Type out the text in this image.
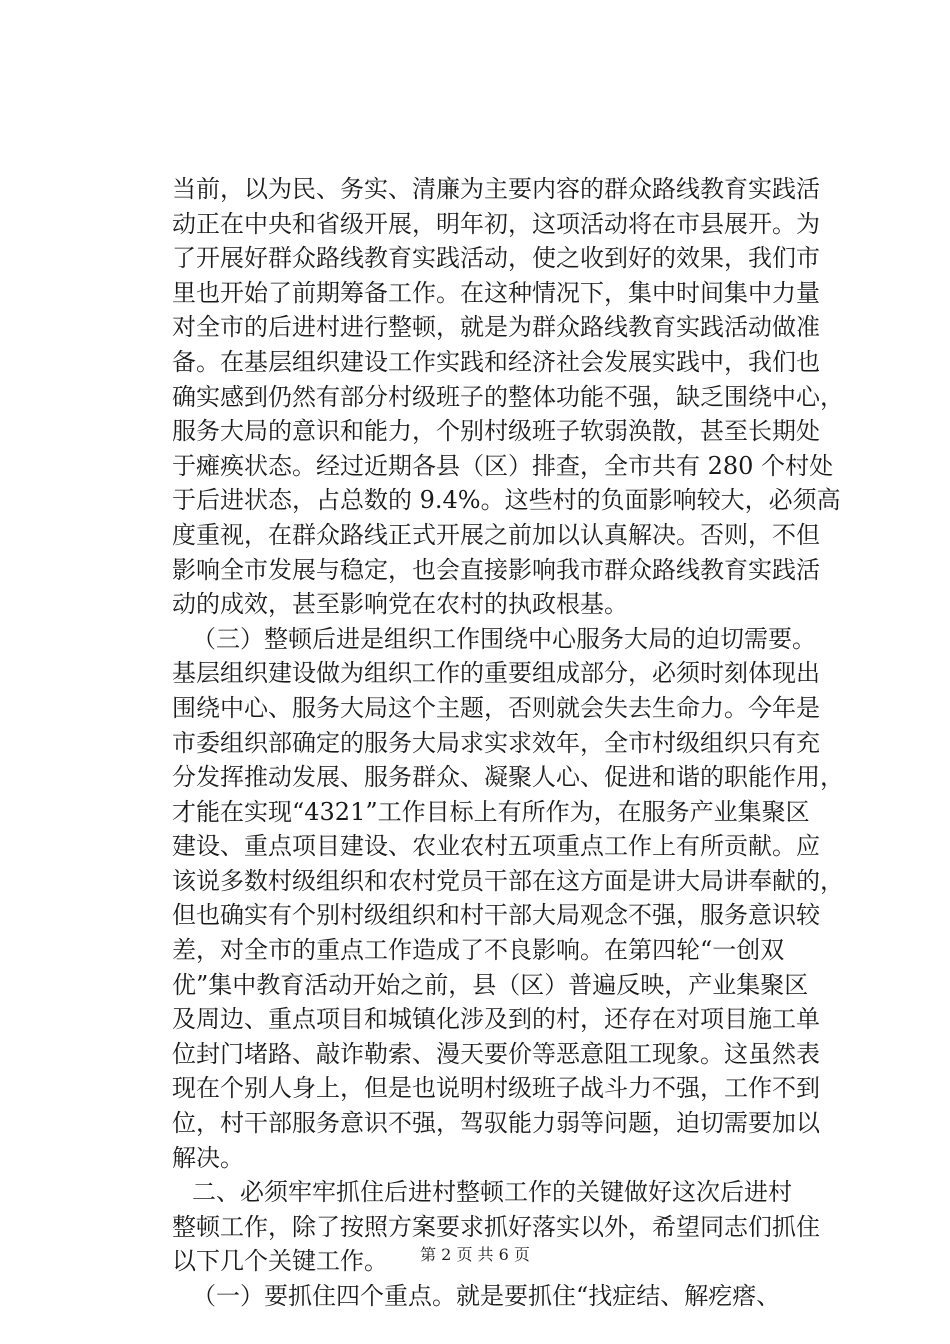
当前，以为民、务实、清廉为主要内容的群众路线教育实践活
动正在中央和省级开展，明年初，这项活动将在市县展开。为
了开展好群众路线教育实践活动，使之收到好的效果，我们市
里也开始了前期筹备工作。在这种情况下，集中时间集中力量
对全市的后进村进行整顿，就是为群众路线教育实践活动做准
备。在基层组织建设工作实践和经济社会发展实践中，我们也
确实感到仍然有部分村级班子的整体功能不强，缺乏围绕中心，
服务大局的意识和能力，个别村级班子软弱涣散，甚至长期处
于瘫痪状态。经过近期各县（区）排查，全市共有 280 个村处
于后进状态，占总数的 9.4%。这些村的负面影响较大，必须高
度重视，在群众路线正式开展之前加以认真解决。否则，不但
影响全市发展与稳定，也会直接影响我市群众路线教育实践活
动的成效，甚至影响党在农村的执政根基。
（三）整顿后进是组织工作围绕中心服务大局的迫切需要。
基层组织建设做为组织工作的重要组成部分，必须时刻体现出
围绕中心、服务大局这个主题，否则就会失去生命力。今年是
市委组织部确定的服务大局求实求效年，全市村级组织只有充
分发挥推动发展、服务群众、凝聚人心、促进和谐的职能作用，
才能在实现“4321”工作目标上有所作为，在服务产业集聚区
建设、重点项目建设、农业农村五项重点工作上有所贡献。应
该说多数村级组织和农村党员干部在这方面是讲大局讲奉献的，
但也确实有个别村级组织和村干部大局观念不强，服务意识较
差，对全市的重点工作造成了不良影响。在第四轮“一创双
优”集中教育活动开始之前，县（区）普遍反映，产业集聚区
及周边、重点项目和城镇化涉及到的村，还存在对项目施工单
位封门堵路、敲诈勒索、漫天要价等恶意阻工现象。这虽然表
现在个别人身上，但是也说明村级班子战斗力不强，工作不到
位，村干部服务意识不强，驾驭能力弱等问题，迫切需要加以
解决。
二、必须牢牢抓住后进村整顿工作的关键做好这次后进村
整顿工作，除了按照方案要求抓好落实以外，希望同志们抓住
以下几个关键工作。
（一）要抓住四个重点。就是要抓住“找症结、解疙瘩、
第 2 页 共 6 页
